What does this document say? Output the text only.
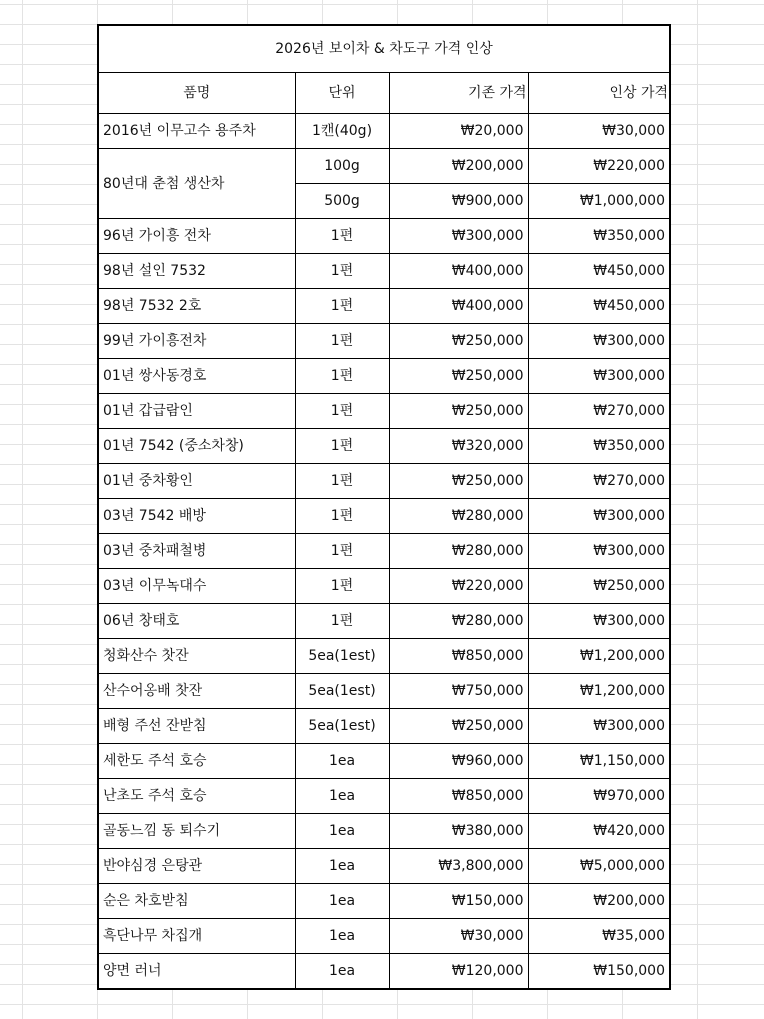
2026년 보이차 & 차도구 가격 인상			
품명	단위	기존 가격	인상 가격
2016년 이무고수 용주차	1캔(40g)	₩20,000	₩30,000
80년대 춘첨 생산차	100g	₩200,000	₩220,000
	500g	₩900,000	₩1,000,000
96년 가이흥 전차	1편	₩300,000	₩350,000
98년 설인 7532	1편	₩400,000	₩450,000
98년 7532 2호	1편	₩400,000	₩450,000
99년 가이흥전차	1편	₩250,000	₩300,000
01년 쌍사동경호	1편	₩250,000	₩300,000
01년 갑급람인	1편	₩250,000	₩270,000
01년 7542 (중소차창)	1편	₩320,000	₩350,000
01년 중차황인	1편	₩250,000	₩270,000
03년 7542 배방	1편	₩280,000	₩300,000
03년 중차패철병	1편	₩280,000	₩300,000
03년 이무녹대수	1편	₩220,000	₩250,000
06년 창태호	1편	₩280,000	₩300,000
청화산수 찻잔	5ea(1est)	₩850,000	₩1,200,000
산수어옹배 찻잔	5ea(1est)	₩750,000	₩1,200,000
배형 주선 잔받침	5ea(1est)	₩250,000	₩300,000
세한도 주석 호승	1ea	₩960,000	₩1,150,000
난초도 주석 호승	1ea	₩850,000	₩970,000
골동느낌 동 퇴수기	1ea	₩380,000	₩420,000
반야심경 은탕관	1ea	₩3,800,000	₩5,000,000
순은 차호받침	1ea	₩150,000	₩200,000
흑단나무 차집개	1ea	₩30,000	₩35,000
양면 러너	1ea	₩120,000	₩150,000
